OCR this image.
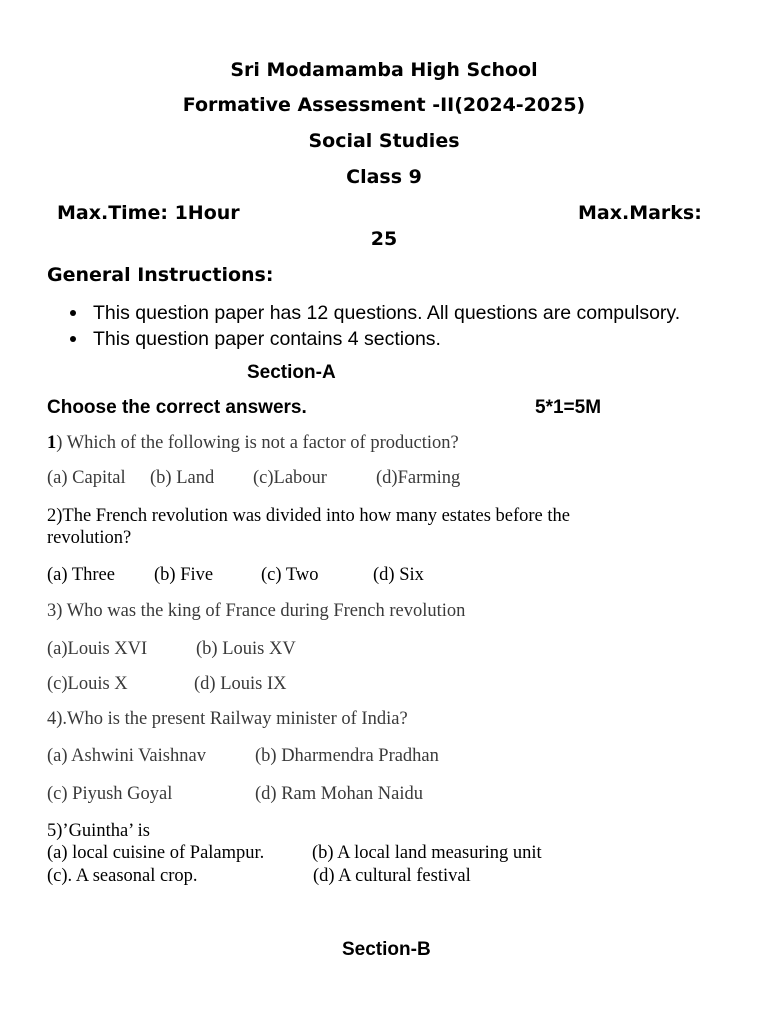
Sri Modamamba High School
Formative Assessment -II(2024-2025)
Social Studies
Class 9
Max.Time: 1Hour	Max.Marks:
25
General Instructions:
This question paper has 12 questions. All questions are compulsory.
This question paper contains 4 sections.
Section-A
Choose the correct answers.	5*1=5M
1) Which of the following is not a factor of production?
(a) Capital (b) Land (c)Labour	(d)Farming
2)The French revolution was divided into how many estates before the
revolution?
(a) Three (b) Five	(c) Two	(d) Six
3) Who was the king of France during French revolution
(a)Louis XVI	(b) Louis XV
(c)Louis X	(d) Louis IX
4).Who is the present Railway minister of India?
(a) Ashwini Vaishnav	(b) Dharmendra Pradhan
(c) Piyush Goyal	(d) Ram Mohan Naidu
5)’Guintha’ is
(a) local cuisine of Palampur.	(b) A local land measuring unit
(c). A seasonal crop.	(d) A cultural festival
Section-B
